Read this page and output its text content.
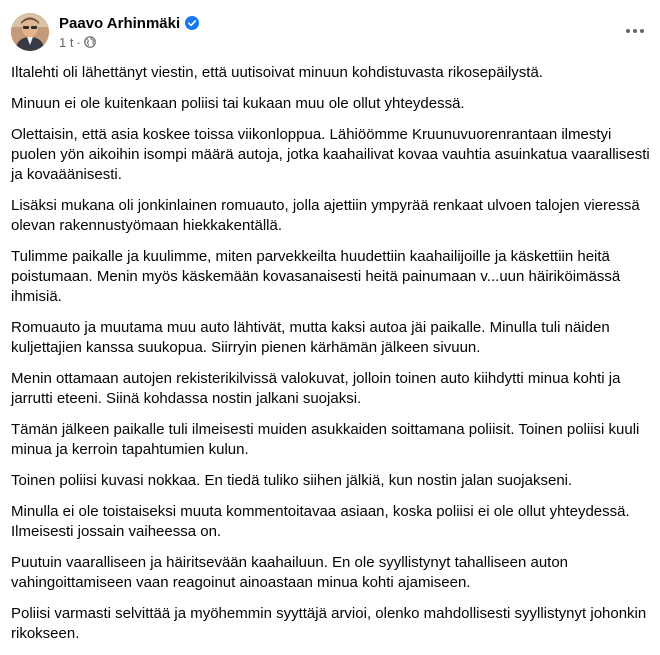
Paavo Arhinmäki
1 t ·

Iltalehti oli lähettänyt viestin, että uutisoivat minuun kohdistuvasta rikosepäilystä.

Minuun ei ole kuitenkaan poliisi tai kukaan muu ole ollut yhteydessä.

Olettaisin, että asia koskee toissa viikonloppua. Lähiöömme Kruunuvuorenrantaan ilmestyi puolen yön aikoihin isompi määrä autoja, jotka kaahailivat kovaa vauhtia asuinkatua vaarallisesti ja kovaäänisesti.

Lisäksi mukana oli jonkinlainen romuauto, jolla ajettiin ympyrää renkaat ulvoen talojen vieressä olevan rakennustyömaan hiekkakentällä.

Tulimme paikalle ja kuulimme, miten parvekkeilta huudettiin kaahailijoille ja käskettiin heitä poistumaan. Menin myös käskemään kovasanaisesti heitä painumaan v...uun häiriköimässä ihmisiä.

Romuauto ja muutama muu auto lähtivät, mutta kaksi autoa jäi paikalle. Minulla tuli näiden kuljettajien kanssa suukopua. Siirryin pienen kärhämän jälkeen sivuun.

Menin ottamaan autojen rekisterikilvissä valokuvat, jolloin toinen auto kiihdytti minua kohti ja jarrutti eteeni. Siinä kohdassa nostin jalkani suojaksi.

Tämän jälkeen paikalle tuli ilmeisesti muiden asukkaiden soittamana poliisit. Toinen poliisi kuuli minua ja kerroin tapahtumien kulun.

Toinen poliisi kuvasi nokkaa. En tiedä tuliko siihen jälkiä, kun nostin jalan suojakseni.

Minulla ei ole toistaiseksi muuta kommentoitavaa asiaan, koska poliisi ei ole ollut yhteydessä. Ilmeisesti jossain vaiheessa on.

Puutuin vaaralliseen ja häiritsevään kaahailuun. En ole syyllistynyt tahalliseen auton vahingoittamiseen vaan reagoinut ainoastaan minua kohti ajamiseen.

Poliisi varmasti selvittää ja myöhemmin syyttäjä arvioi, olenko mahdollisesti syyllistynyt johonkin rikokseen.
